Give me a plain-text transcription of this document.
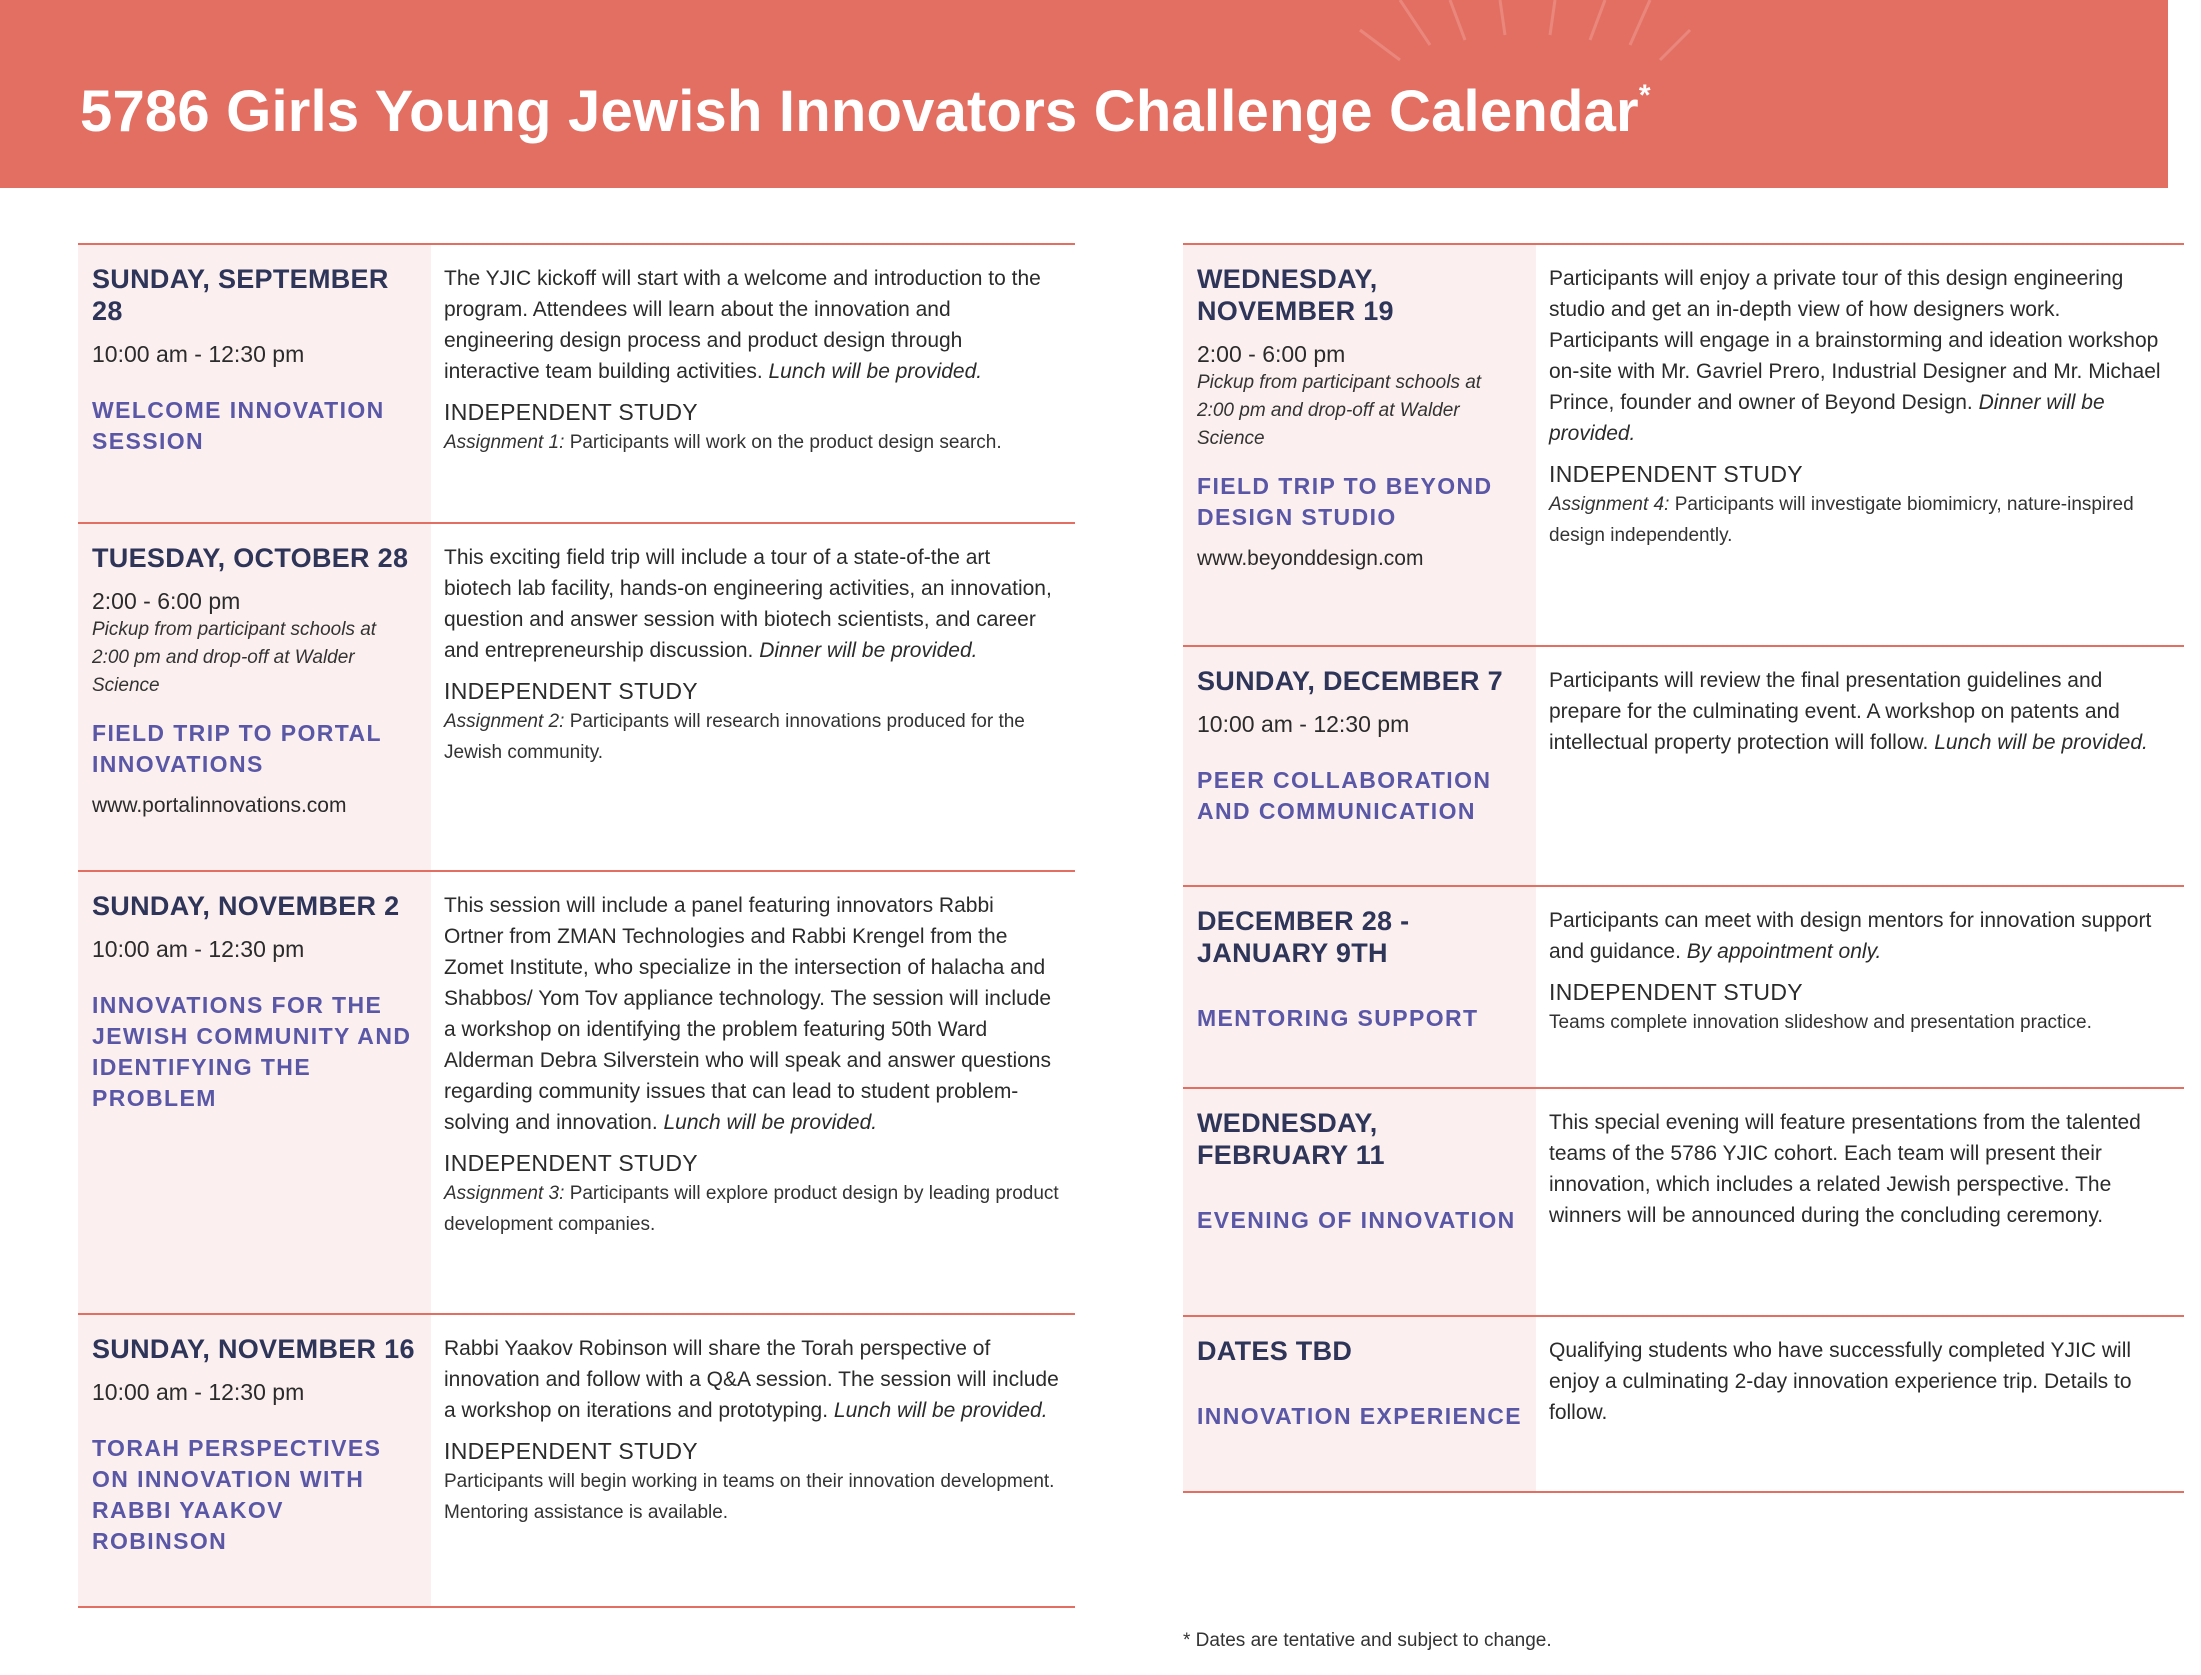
5786 Girls Young Jewish Innovators Challenge Calendar*
SUNDAY, SEPTEMBER 28
10:00 am - 12:30 pm
WELCOME INNOVATION SESSION
The YJIC kickoff will start with a welcome and introduction to the program. Attendees will learn about the innovation and engineering design process and product design through interactive team building activities. Lunch will be provided.
INDEPENDENT STUDY
Assignment 1: Participants will work on the product design search.
TUESDAY, OCTOBER 28
2:00 - 6:00 pm
Pickup from participant schools at 2:00 pm and drop-off at Walder Science
FIELD TRIP TO PORTAL INNOVATIONS
www.portalinnovations.com
This exciting field trip will include a tour of a state-of-the art biotech lab facility, hands-on engineering activities, an innovation, question and answer session with biotech scientists, and career and entrepreneurship discussion. Dinner will be provided.
INDEPENDENT STUDY
Assignment 2: Participants will research innovations produced for the Jewish community.
SUNDAY, NOVEMBER 2
10:00 am - 12:30 pm
INNOVATIONS FOR THE JEWISH COMMUNITY AND IDENTIFYING THE PROBLEM
This session will include a panel featuring innovators Rabbi Ortner from ZMAN Technologies and Rabbi Krengel from the Zomet Institute, who specialize in the intersection of halacha and Shabbos/ Yom Tov appliance technology. The session will include a workshop on identifying the problem featuring 50th Ward Alderman Debra Silverstein who will speak and answer questions regarding community issues that can lead to student problem-solving and innovation. Lunch will be provided.
INDEPENDENT STUDY
Assignment 3: Participants will explore product design by leading product development companies.
SUNDAY, NOVEMBER 16
10:00 am - 12:30 pm
TORAH PERSPECTIVES ON INNOVATION WITH RABBI YAAKOV ROBINSON
Rabbi Yaakov Robinson will share the Torah perspective of innovation and follow with a Q&A session. The session will include a workshop on iterations and prototyping. Lunch will be provided.
INDEPENDENT STUDY
Participants will begin working in teams on their innovation development. Mentoring assistance is available.
WEDNESDAY, NOVEMBER 19
2:00 - 6:00 pm
Pickup from participant schools at 2:00 pm and drop-off at Walder Science
FIELD TRIP TO BEYOND DESIGN STUDIO
www.beyonddesign.com
Participants will enjoy a private tour of this design engineering studio and get an in-depth view of how designers work. Participants will engage in a brainstorming and ideation workshop on-site with Mr. Gavriel Prero, Industrial Designer and Mr. Michael Prince, founder and owner of Beyond Design. Dinner will be provided.
INDEPENDENT STUDY
Assignment 4: Participants will investigate biomimicry, nature-inspired design independently.
SUNDAY, DECEMBER 7
10:00 am - 12:30 pm
PEER COLLABORATION AND COMMUNICATION
Participants will review the final presentation guidelines and prepare for the culminating event. A workshop on patents and intellectual property protection will follow. Lunch will be provided.
DECEMBER 28 - JANUARY 9TH
MENTORING SUPPORT
Participants can meet with design mentors for innovation support and guidance. By appointment only.
INDEPENDENT STUDY
Teams complete innovation slideshow and presentation practice.
WEDNESDAY, FEBRUARY 11
EVENING OF INNOVATION
This special evening will feature presentations from the talented teams of the 5786 YJIC cohort. Each team will present their innovation, which includes a related Jewish perspective. The winners will be announced during the concluding ceremony.
DATES TBD
INNOVATION EXPERIENCE
Qualifying students who have successfully completed YJIC will enjoy a culminating 2-day innovation experience trip. Details to follow.
* Dates are tentative and subject to change.
